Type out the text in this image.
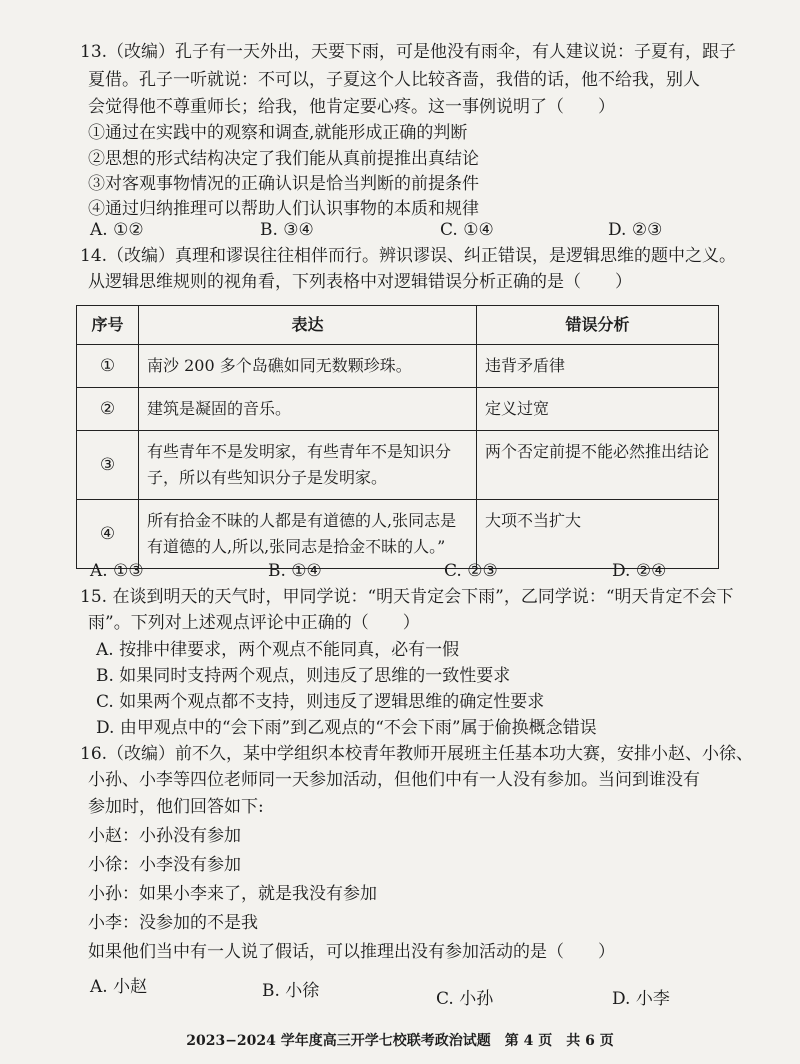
13.（改编）孔子有一天外出，天要下雨，可是他没有雨伞，有人建议说：子夏有，跟子
夏借。孔子一听就说：不可以，子夏这个人比较吝啬，我借的话，他不给我，别人
会觉得他不尊重师长；给我，他肯定要心疼。这一事例说明了（　　）
①通过在实践中的观察和调查,就能形成正确的判断
②思想的形式结构决定了我们能从真前提推出真结论
③对客观事物情况的正确认识是恰当判断的前提条件
④通过归纳推理可以帮助人们认识事物的本质和规律
A. ①②	B. ③④	C. ①④	D. ②③
14.（改编）真理和谬误往往相伴而行。辨识谬误、纠正错误，是逻辑思维的题中之义。
从逻辑思维规则的视角看，下列表格中对逻辑错误分析正确的是（　　）
序号	表达	错误分析
①	南沙 200 多个岛礁如同无数颗珍珠。	违背矛盾律
②	建筑是凝固的音乐。	定义过宽
③	有些青年不是发明家，有些青年不是知识分子，所以有些知识分子是发明家。	两个否定前提不能必然推出结论
④	所有拾金不昧的人都是有道德的人,张同志是有道德的人,所以,张同志是拾金不昧的人。”	大项不当扩大
A. ①③	B. ①④	C. ②③	D. ②④
15. 在谈到明天的天气时，甲同学说：“明天肯定会下雨”，乙同学说：“明天肯定不会下
雨”。下列对上述观点评论中正确的（　　）
A. 按排中律要求，两个观点不能同真，必有一假
B. 如果同时支持两个观点，则违反了思维的一致性要求
C. 如果两个观点都不支持，则违反了逻辑思维的确定性要求
D. 由甲观点中的“会下雨”到乙观点的“不会下雨”属于偷换概念错误
16.（改编）前不久，某中学组织本校青年教师开展班主任基本功大赛，安排小赵、小徐、
小孙、小李等四位老师同一天参加活动，但他们中有一人没有参加。当问到谁没有
参加时，他们回答如下:
小赵：小孙没有参加
小徐：小李没有参加
小孙：如果小李来了，就是我没有参加
小李：没参加的不是我
如果他们当中有一人说了假话，可以推理出没有参加活动的是（　　）
A. 小赵	B. 小徐	C. 小孙	D. 小李
2023−2024 学年度高三开学七校联考政治试题　第 4 页　共 6 页
